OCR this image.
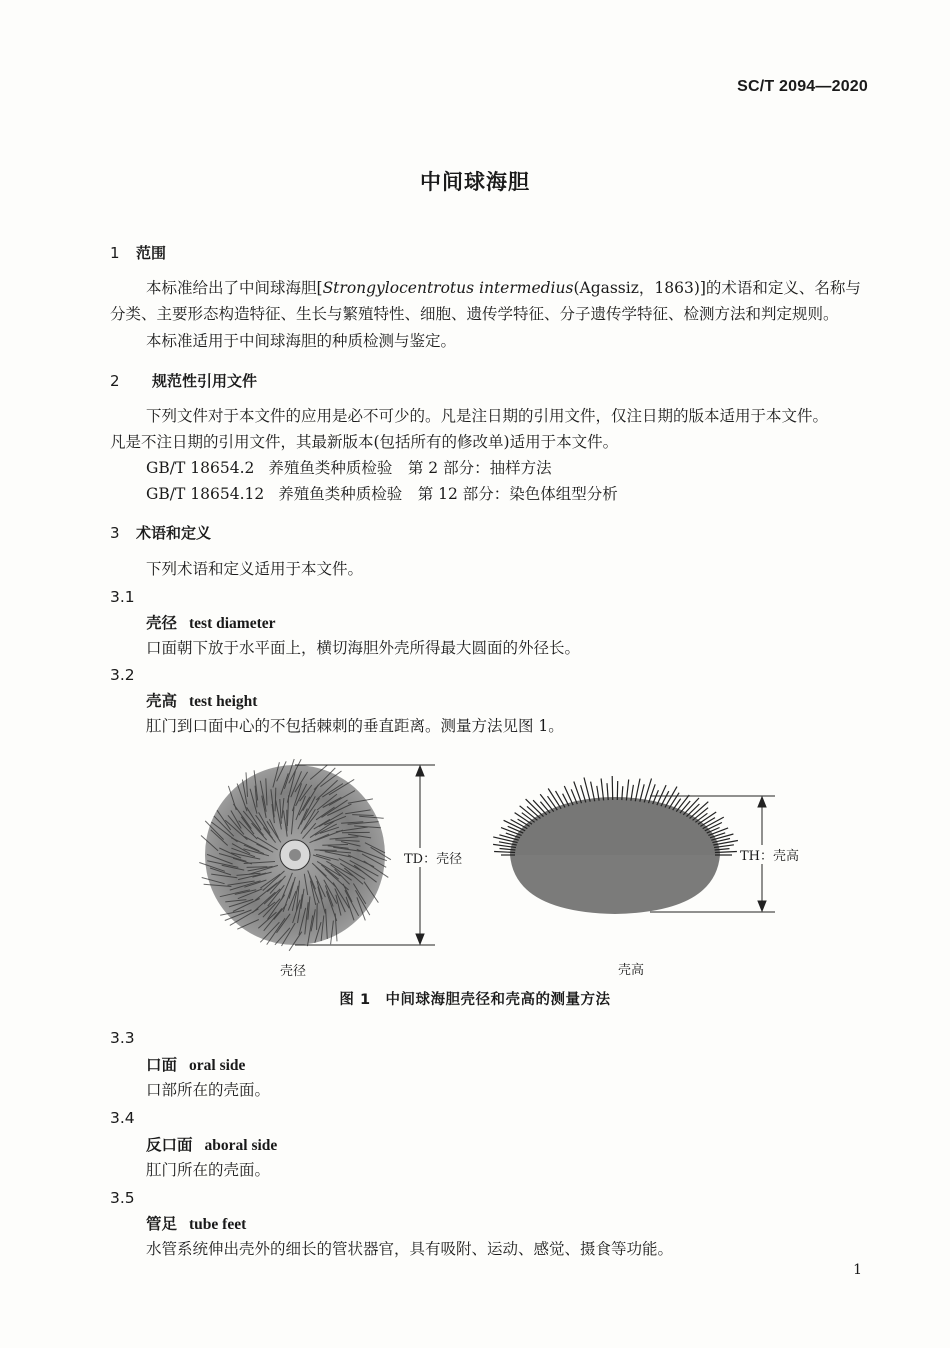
SC/T 2094—2020
中间球海胆
1 范围
本标准给出了中间球海胆[Strongylocentrotus intermedius(Agassiz，1863)]的术语和定义、名称与
分类、主要形态构造特征、生长与繁殖特性、细胞、遗传学特征、分子遗传学特征、检测方法和判定规则。
本标准适用于中间球海胆的种质检测与鉴定。
2 规范性引用文件
下列文件对于本文件的应用是必不可少的。凡是注日期的引用文件，仅注日期的版本适用于本文件。
凡是不注日期的引用文件，其最新版本(包括所有的修改单)适用于本文件。
GB/T 18654.2 养殖鱼类种质检验　第 2 部分：抽样方法
GB/T 18654.12 养殖鱼类种质检验　第 12 部分：染色体组型分析
3 术语和定义
下列术语和定义适用于本文件。
3.1
壳径 test diameter
口面朝下放于水平面上，横切海胆外壳所得最大圆面的外径长。
3.2
壳高 test height
肛门到口面中心的不包括棘刺的垂直距离。测量方法见图 1。
TD：壳径	TH：壳高
壳径	壳高
图 1　中间球海胆壳径和壳高的测量方法
3.3
口面 oral side
口部所在的壳面。
3.4
反口面 aboral side
肛门所在的壳面。
3.5
管足 tube feet
水管系统伸出壳外的细长的管状器官，具有吸附、运动、感觉、摄食等功能。
1
